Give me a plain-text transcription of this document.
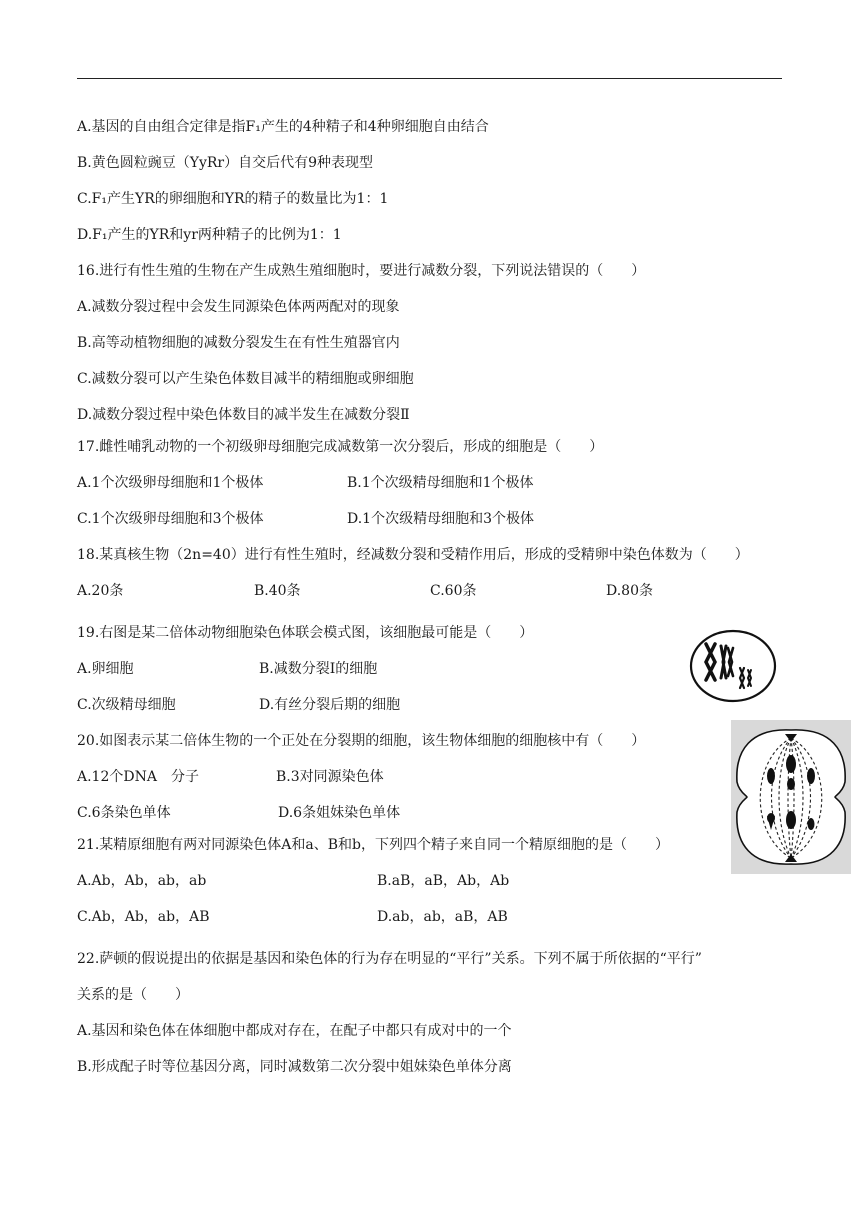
A.基因的自由组合定律是指F₁产生的4种精子和4种卵细胞自由结合
B.黄色圆粒豌豆（YyRr）自交后代有9种表现型
C.F₁产生YR的卵细胞和YR的精子的数量比为1：1
D.F₁产生的YR和yr两种精子的比例为1：1
16.进行有性生殖的生物在产生成熟生殖细胞时，要进行减数分裂，下列说法错误的（　　）
A.减数分裂过程中会发生同源染色体两两配对的现象
B.高等动植物细胞的减数分裂发生在有性生殖器官内
C.减数分裂可以产生染色体数目减半的精细胞或卵细胞
D.减数分裂过程中染色体数目的减半发生在减数分裂Ⅱ
17.雌性哺乳动物的一个初级卵母细胞完成减数第一次分裂后，形成的细胞是（　　）
A.1个次级卵母细胞和1个极体	B.1个次级精母细胞和1个极体
C.1个次级卵母细胞和3个极体	D.1个次级精母细胞和3个极体
18.某真核生物（2n=40）进行有性生殖时，经减数分裂和受精作用后，形成的受精卵中染色体数为（　　）
A.20条	B.40条	C.60条	D.80条
19.右图是某二倍体动物细胞染色体联会模式图，该细胞最可能是（　　）
A.卵细胞	B.减数分裂Ⅰ的细胞
C.次级精母细胞	D.有丝分裂后期的细胞
20.如图表示某二倍体生物的一个正处在分裂期的细胞，该生物体细胞的细胞核中有（　　）
A.12个DNA　分子	B.3对同源染色体
C.6条染色单体	D.6条姐妹染色单体
21.某精原细胞有两对同源染色体A和a、B和b，下列四个精子来自同一个精原细胞的是（　　）
A.Ab，Ab，ab，ab	B.aB，aB，Ab，Ab
C.Ab，Ab，ab，AB	D.ab，ab，aB，AB
22.萨顿的假说提出的依据是基因和染色体的行为存在明显的“平行”关系。下列不属于所依据的“平行”
关系的是（　　）
A.基因和染色体在体细胞中都成对存在，在配子中都只有成对中的一个
B.形成配子时等位基因分离，同时减数第二次分裂中姐妹染色单体分离
